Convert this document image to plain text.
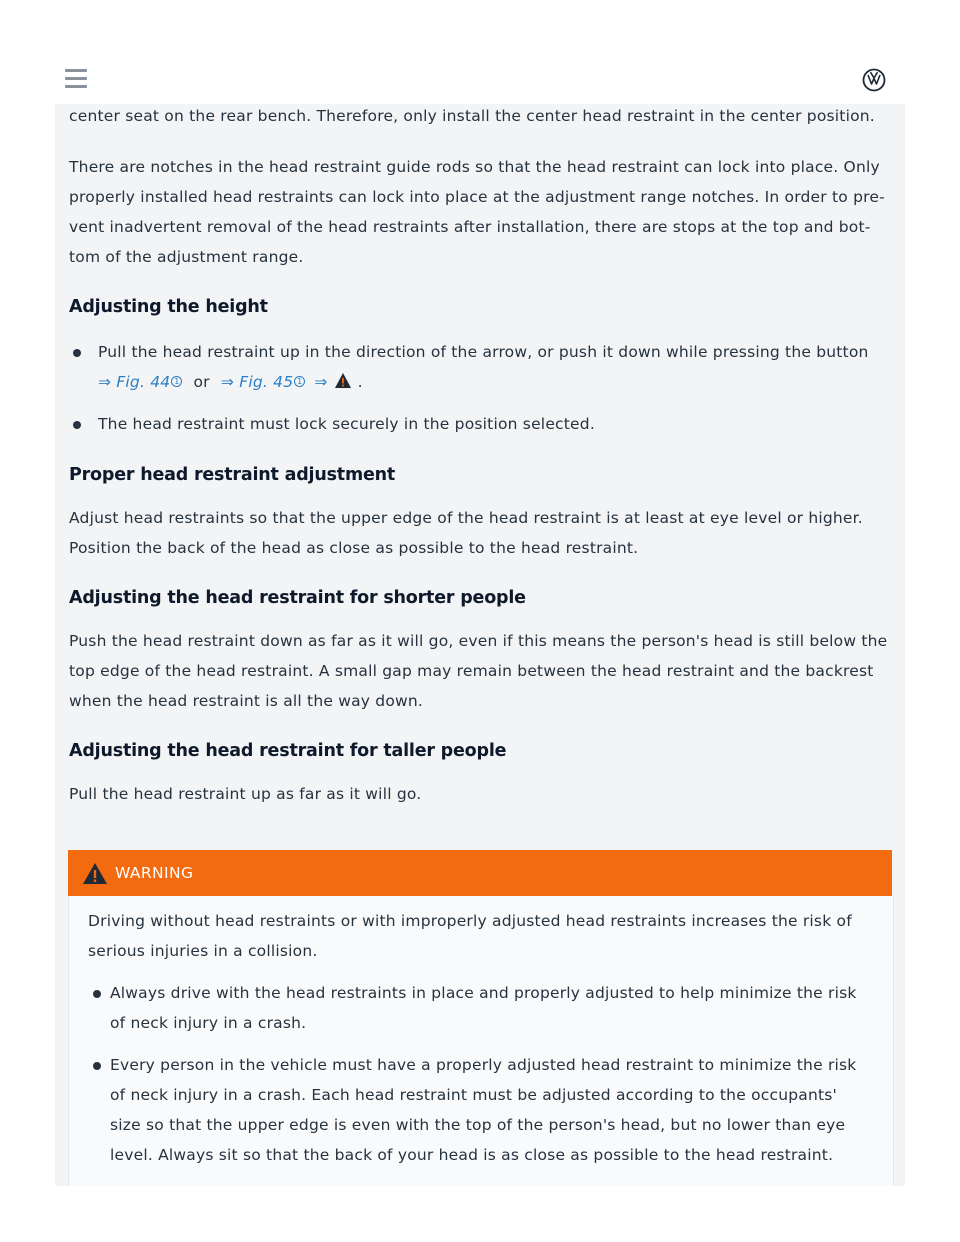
center seat on the rear bench. Therefore, only install the center head restraint in the center position.

There are notches in the head restraint guide rods so that the head restraint can lock into place. Only properly installed head restraints can lock into place at the adjustment range notches. In order to pre-vent inadvertent removal of the head restraints after installation, there are stops at the top and bot-tom of the adjustment range.

Adjusting the height
Pull the head restraint up in the direction of the arrow, or push it down while pressing the button
⇒ Fig. 44 1 or ⇒ Fig. 45 1 ⇒ .
The head restraint must lock securely in the position selected.
Proper head restraint adjustment

Adjust head restraints so that the upper edge of the head restraint is at least at eye level or higher. Position the back of the head as close as possible to the head restraint.

Adjusting the head restraint for shorter people

Push the head restraint down as far as it will go, even if this means the person's head is still below the top edge of the head restraint. A small gap may remain between the head restraint and the backrest when the head restraint is all the way down.

Adjusting the head restraint for taller people

Pull the head restraint up as far as it will go.

WARNING

Driving without head restraints or with improperly adjusted head restraints increases the risk of serious injuries in a collision.

Always drive with the head restraints in place and properly adjusted to help minimize the risk of neck injury in a crash.
Every person in the vehicle must have a properly adjusted head restraint to minimize the risk of neck injury in a crash. Each head restraint must be adjusted according to the occupants' size so that the upper edge is even with the top of the person's head, but no lower than eye level. Always sit so that the back of your head is as close as possible to the head restraint.
